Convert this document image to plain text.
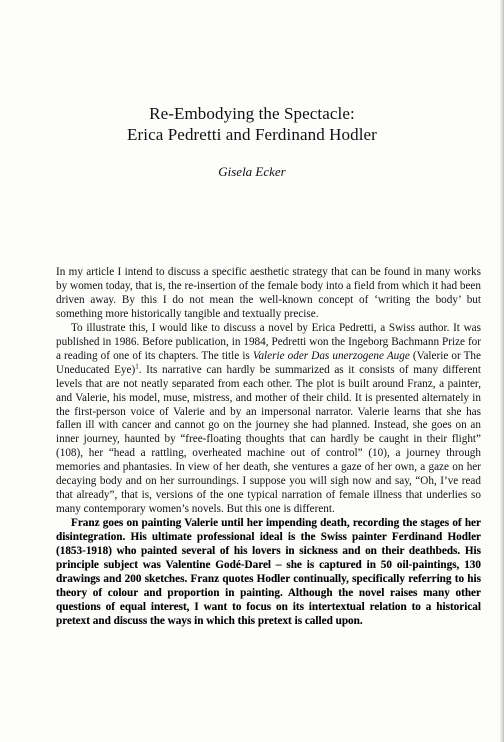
Re-Embodying the Spectacle:
Erica Pedretti and Ferdinand Hodler
Gisela Ecker

In my article I intend to discuss a specific aesthetic strategy that can be found in many works by women today, that is, the re-insertion of the female body into a field from which it had been driven away. By this I do not mean the well-known concept of ‘writing the body’ but something more historically tangible and textually precise.

To illustrate this, I would like to discuss a novel by Erica Pedretti, a Swiss author. It was published in 1986. Before publication, in 1984, Pedretti won the Ingeborg Bachmann Prize for a reading of one of its chapters. The title is Valerie oder Das unerzogene Auge (Valerie or The Uneducated Eye)$^1$. Its narrative can hardly be summarized as it consists of many different levels that are not neatly separated from each other. The plot is built around Franz, a painter, and Valerie, his model, muse, mistress, and mother of their child. It is presented alternately in the first-person voice of Valerie and by an impersonal narrator. Valerie learns that she has fallen ill with cancer and cannot go on the journey she had planned. Instead, she goes on an inner journey, haunted by “free-floating thoughts that can hardly be caught in their flight” (108), her “head a rattling, overheated machine out of control” (10), a journey through memories and phantasies. In view of her death, she ventures a gaze of her own, a gaze on her decaying body and on her surroundings. I suppose you will sigh now and say, “Oh, I’ve read that already”, that is, versions of the one typical narration of female illness that underlies so many contemporary women’s novels. But this one is different.

Franz goes on painting Valerie until her impending death, recording the stages of her disintegration. His ultimate professional ideal is the Swiss painter Ferdinand Hodler (1853-1918) who painted several of his lovers in sickness and on their deathbeds. His principle subject was Valentine Godé-Darel – she is captured in 50 oil-paintings, 130 drawings and 200 sketches. Franz quotes Hodler continually, specifically referring to his theory of colour and proportion in painting. Although the novel raises many other questions of equal interest, I want to focus on its intertextual relation to a historical pretext and discuss the ways in which this pretext is called upon.
